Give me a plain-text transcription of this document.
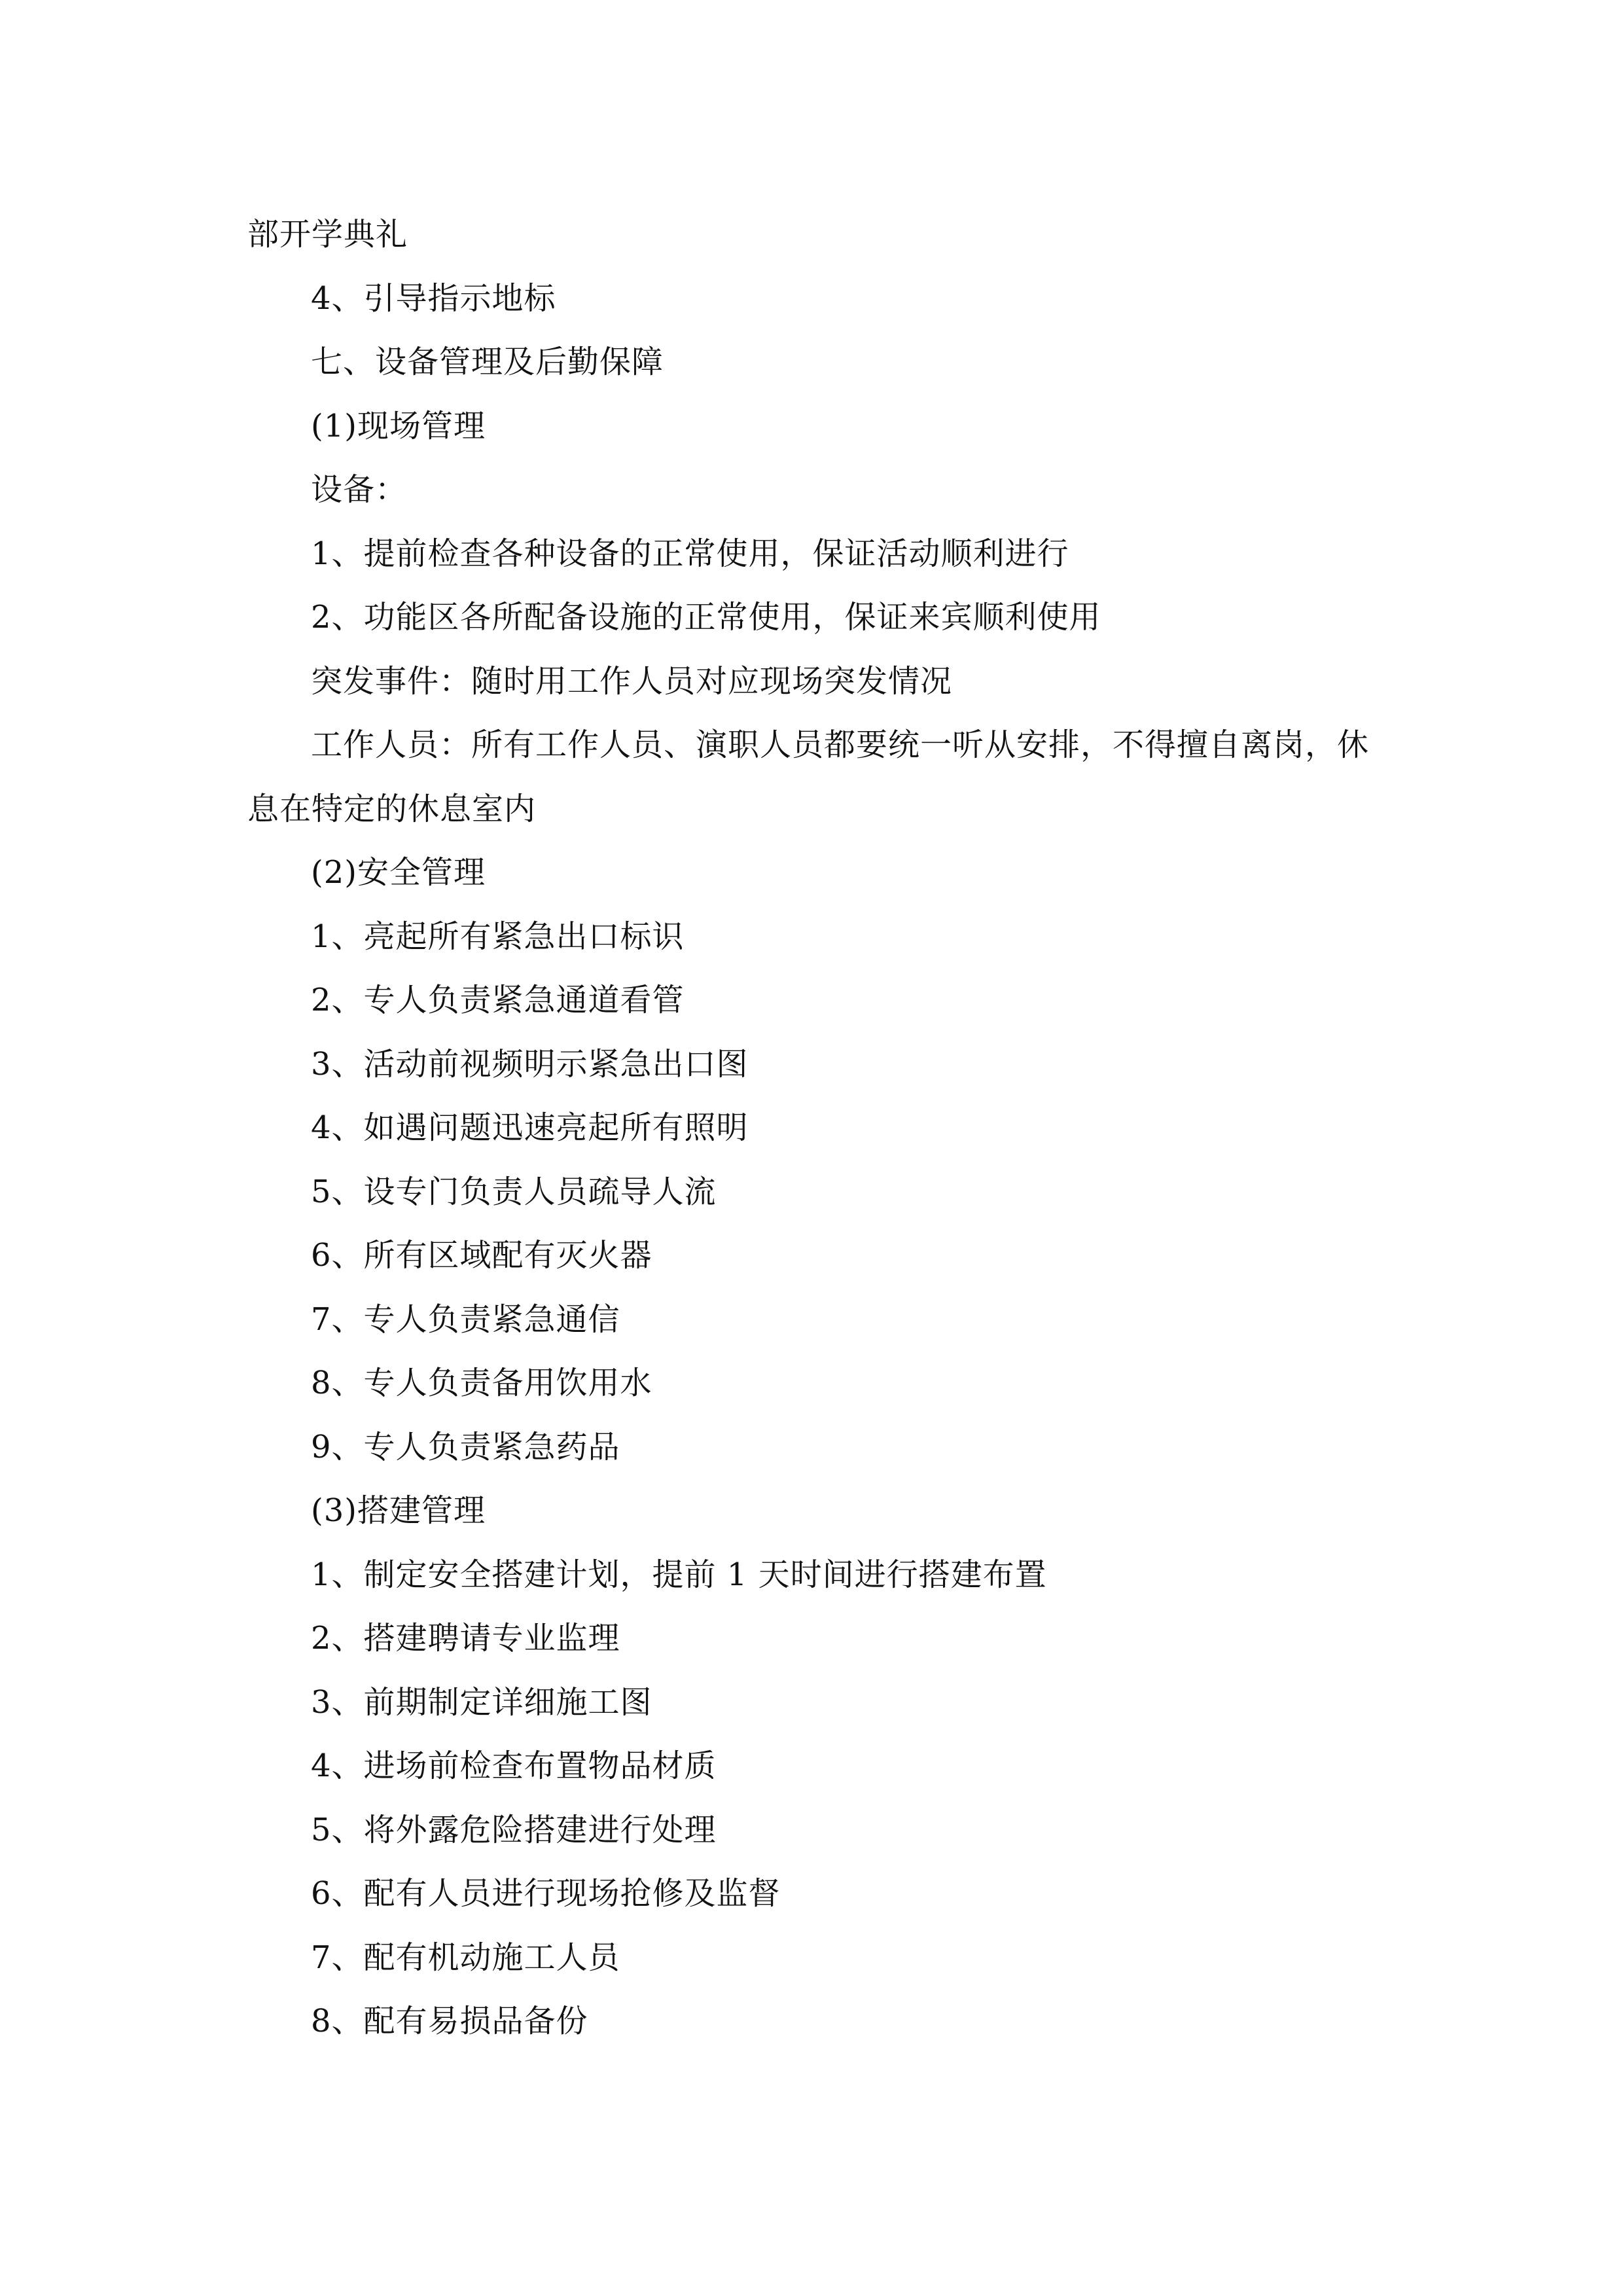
部开学典礼
4、引导指示地标
七、设备管理及后勤保障
(1)现场管理
设备：
1、提前检查各种设备的正常使用，保证活动顺利进行
2、功能区各所配备设施的正常使用，保证来宾顺利使用
突发事件：随时用工作人员对应现场突发情况
工作人员：所有工作人员、演职人员都要统一听从安排，不得擅自离岗，休
息在特定的休息室内
(2)安全管理
1、亮起所有紧急出口标识
2、专人负责紧急通道看管
3、活动前视频明示紧急出口图
4、如遇问题迅速亮起所有照明
5、设专门负责人员疏导人流
6、所有区域配有灭火器
7、专人负责紧急通信
8、专人负责备用饮用水
9、专人负责紧急药品
(3)搭建管理
1、制定安全搭建计划，提前 1 天时间进行搭建布置
2、搭建聘请专业监理
3、前期制定详细施工图
4、进场前检查布置物品材质
5、将外露危险搭建进行处理
6、配有人员进行现场抢修及监督
7、配有机动施工人员
8、配有易损品备份
